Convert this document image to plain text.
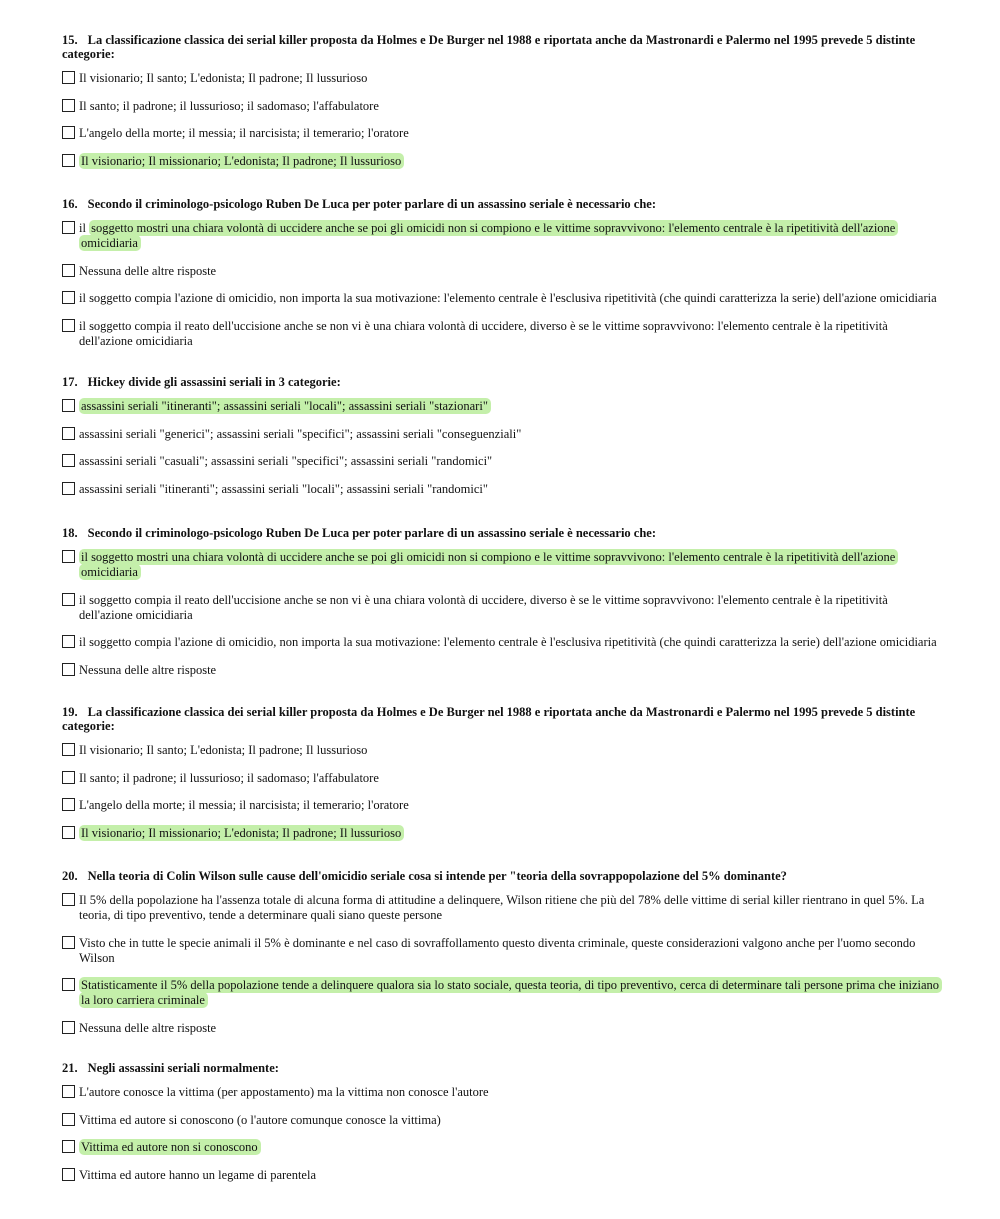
15. La classificazione classica dei serial killer proposta da Holmes e De Burger nel 1988 e riportata anche da Mastronardi e Palermo nel 1995 prevede 5 distinte categorie:
Il visionario; Il santo; L'edonista; Il padrone; Il lussurioso
Il santo; il padrone; il lussurioso; il sadomaso; l'affabulatore
L'angelo della morte; il messia; il narcisista; il temerario; l'oratore
Il visionario; Il missionario; L'edonista; Il padrone; Il lussurioso
16. Secondo il criminologo-psicologo Ruben De Luca per poter parlare di un assassino seriale è necessario che:
il soggetto mostri una chiara volontà di uccidere anche se poi gli omicidi non si compiono e le vittime sopravvivono: l'elemento centrale è la ripetitività dell'azione omicidiaria
Nessuna delle altre risposte
il soggetto compia l'azione di omicidio, non importa la sua motivazione: l'elemento centrale è l'esclusiva ripetitività (che quindi caratterizza la serie) dell'azione omicidiaria
il soggetto compia il reato dell'uccisione anche se non vi è una chiara volontà di uccidere, diverso è se le vittime sopravvivono: l'elemento centrale è la ripetitività dell'azione omicidiaria
17. Hickey divide gli assassini seriali in 3 categorie:
assassini seriali "itineranti"; assassini seriali "locali"; assassini seriali "stazionari"
assassini seriali "generici"; assassini seriali "specifici"; assassini seriali "conseguenziali"
assassini seriali "casuali"; assassini seriali "specifici"; assassini seriali "randomici"
assassini seriali "itineranti"; assassini seriali "locali"; assassini seriali "randomici"
18. Secondo il criminologo-psicologo Ruben De Luca per poter parlare di un assassino seriale è necessario che:
il soggetto mostri una chiara volontà di uccidere anche se poi gli omicidi non si compiono e le vittime sopravvivono: l'elemento centrale è la ripetitività dell'azione omicidiaria
il soggetto compia il reato dell'uccisione anche se non vi è una chiara volontà di uccidere, diverso è se le vittime sopravvivono: l'elemento centrale è la ripetitività dell'azione omicidiaria
il soggetto compia l'azione di omicidio, non importa la sua motivazione: l'elemento centrale è l'esclusiva ripetitività (che quindi caratterizza la serie) dell'azione omicidiaria
Nessuna delle altre risposte
19. La classificazione classica dei serial killer proposta da Holmes e De Burger nel 1988 e riportata anche da Mastronardi e Palermo nel 1995 prevede 5 distinte categorie:
Il visionario; Il santo; L'edonista; Il padrone; Il lussurioso
Il santo; il padrone; il lussurioso; il sadomaso; l'affabulatore
L'angelo della morte; il messia; il narcisista; il temerario; l'oratore
Il visionario; Il missionario; L'edonista; Il padrone; Il lussurioso
20. Nella teoria di Colin Wilson sulle cause dell'omicidio seriale cosa si intende per "teoria della sovrappopolazione del 5% dominante?
Il 5% della popolazione ha l'assenza totale di alcuna forma di attitudine a delinquere, Wilson ritiene che più del 78% delle vittime di serial killer rientrano in quel 5%. La teoria, di tipo preventivo, tende a determinare quali siano queste persone
Visto che in tutte le specie animali il 5% è dominante e nel caso di sovraffollamento questo diventa criminale, queste considerazioni valgono anche per l'uomo secondo Wilson
Statisticamente il 5% della popolazione tende a delinquere qualora sia lo stato sociale, questa teoria, di tipo preventivo, cerca di determinare tali persone prima che iniziano la loro carriera criminale
Nessuna delle altre risposte
21. Negli assassini seriali normalmente:
L'autore conosce la vittima (per appostamento) ma la vittima non conosce l'autore
Vittima ed autore si conoscono (o l'autore comunque conosce la vittima)
Vittima ed autore non si conoscono
Vittima ed autore hanno un legame di parentela
